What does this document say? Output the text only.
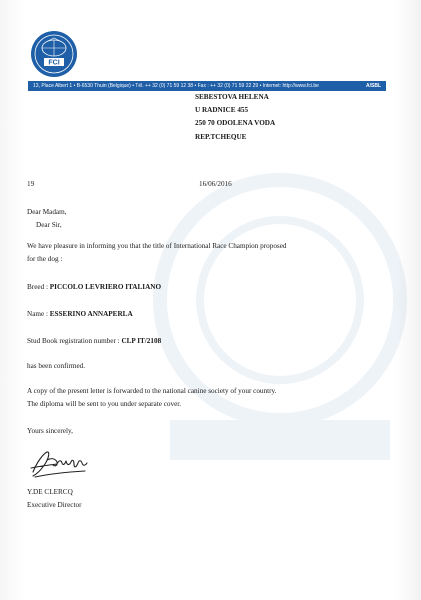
FCI
13, Place Albert 1 • B-6530 Thuin (Belgique) • Tél. ++ 32 (0) 71 59 12 38 • Fax : ++ 32 (0) 71 59 22 29 • Internet: http://www.fci.be	A/SBL
SEBESTOVA HELENA
U RADNICE 455
250 70 ODOLENA VODA
REP.TCHEQUE
19	16/06/2016
Dear Madam,
Dear Sir,
We have pleasure in informing you that the title of International Race Champion proposed
for the dog :
Breed : PICCOLO LEVRIERO ITALIANO
Name : ESSERINO ANNAPERLA
Stud Book registration number : CLP IT/2108
has been confirmed.
A copy of the present letter is forwarded to the national canine society of your country.
The diploma will be sent to you under separate cover.
Yours sincerely,
Y.DE CLERCQ
Executive Director
